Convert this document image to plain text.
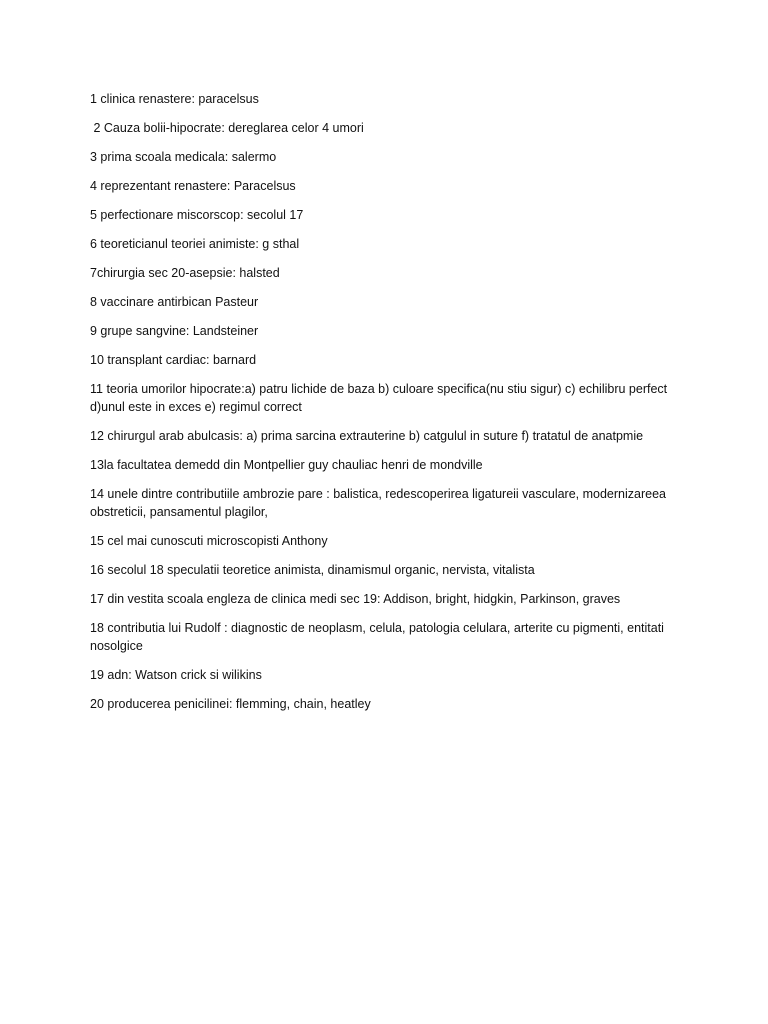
1 clinica renastere: paracelsus

2 Cauza bolii-hipocrate: dereglarea celor 4 umori

3 prima scoala medicala: salermo

4 reprezentant renastere: Paracelsus

5 perfectionare miscorscop: secolul 17

6 teoreticianul teoriei animiste: g sthal

7chirurgia sec 20-asepsie: halsted

8 vaccinare antirbican Pasteur

9 grupe sangvine: Landsteiner

10 transplant cardiac: barnard

11 teoria umorilor hipocrate:a) patru lichide de baza b) culoare specifica(nu stiu sigur) c) echilibru perfect d)unul este in exces e) regimul correct

12 chirurgul arab abulcasis: a) prima sarcina extrauterine b) catgulul in suture f) tratatul de anatpmie

13la facultatea demedd din Montpellier guy chauliac henri de mondville

14 unele dintre contributiile ambrozie pare : balistica, redescoperirea ligatureii vasculare, modernizareea obstreticii, pansamentul plagilor,

15 cel mai cunoscuti microscopisti Anthony

16 secolul 18 speculatii teoretice animista, dinamismul organic, nervista, vitalista

17 din vestita scoala engleza de clinica medi sec 19: Addison, bright, hidgkin, Parkinson, graves

18 contributia lui Rudolf : diagnostic de neoplasm, celula, patologia celulara, arterite cu pigmenti, entitati nosolgice

19 adn: Watson crick si wilikins

20 producerea penicilinei: flemming, chain, heatley
